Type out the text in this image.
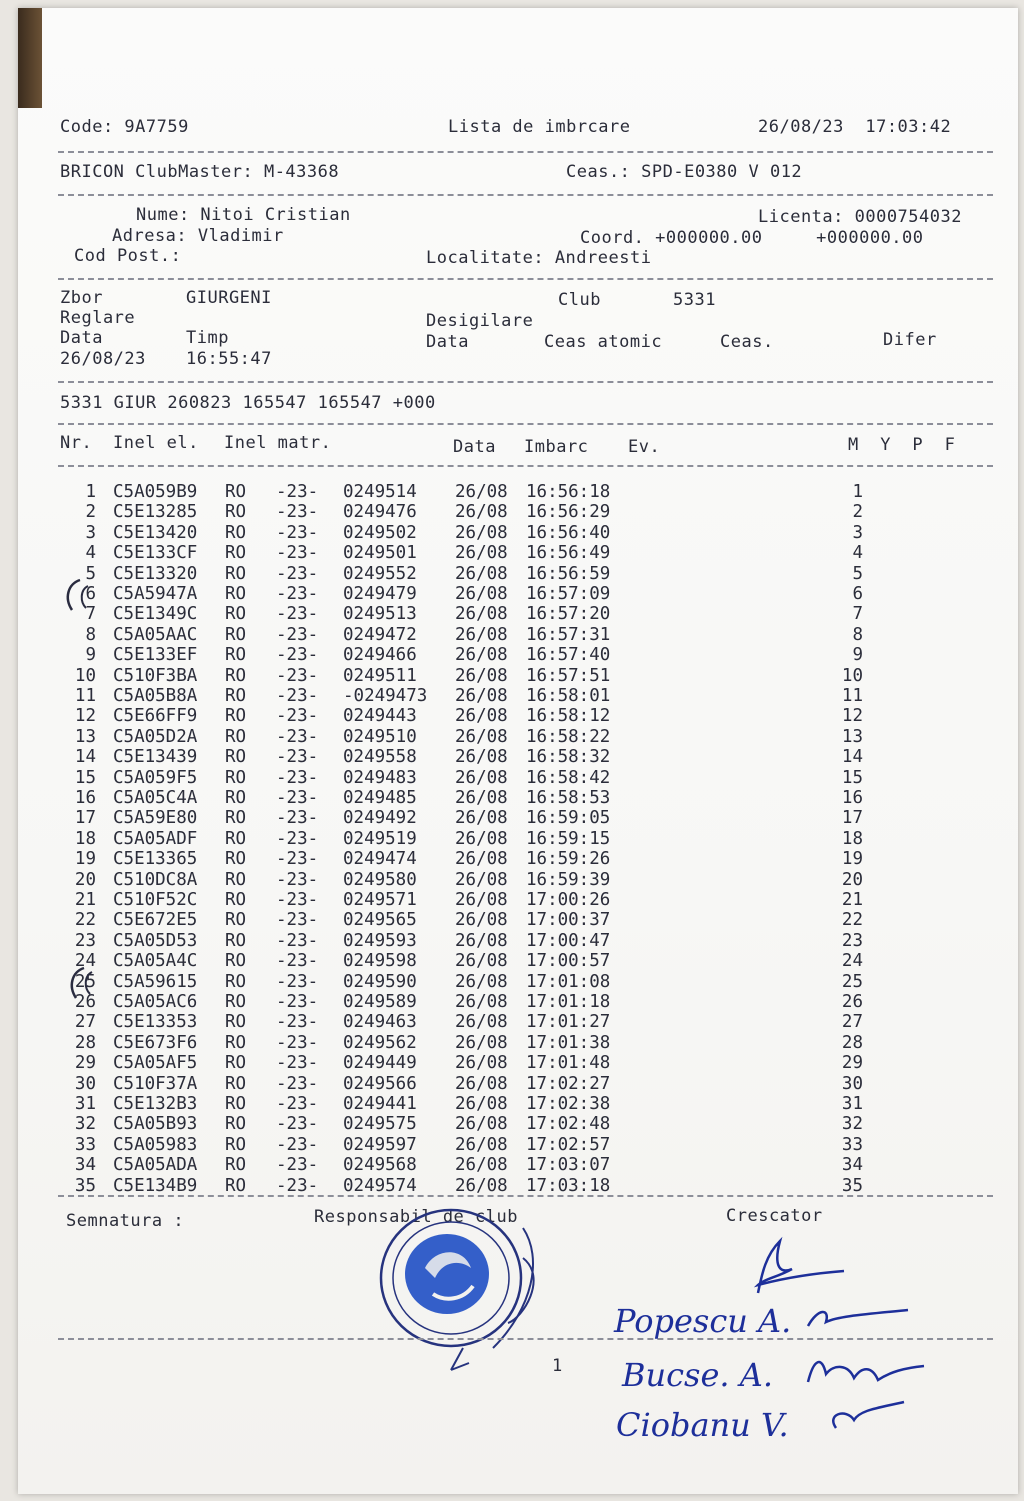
Code: 9A7759	Lista de imbrcare	26/08/23  17:03:42
BRICON ClubMaster: M-43368	Ceas.: SPD-E0380 V 012
Nume: Nitoi Cristian	Licenta: 0000754032
Adresa: Vladimir	Coord. +000000.00     +000000.00
Cod Post.:	Localitate: Andreesti
Zbor	GIURGENI	Club	5331
Reglare	Desigilare
Data	Timp	Data	Ceas atomic	Ceas.	Difer
26/08/23 16:55:47
5331 GIUR 260823 165547 165547 +000
Nr. Inel el. Inel matr.	Data Imbarc Ev.	M  Y  P  F
1 C5A059B9 RO -23- 0249514 26/08 16:56:18	1
2 C5E13285 RO -23- 0249476 26/08 16:56:29	2
3 C5E13420 RO -23- 0249502 26/08 16:56:40	3
4 C5E133CF RO -23- 0249501 26/08 16:56:49	4
5 C5E13320 RO -23- 0249552 26/08 16:56:59	5
6 C5A5947A RO -23- 0249479 26/08 16:57:09	6
7 C5E1349C RO -23- 0249513 26/08 16:57:20	7
8 C5A05AAC RO -23- 0249472 26/08 16:57:31	8
9 C5E133EF RO -23- 0249466 26/08 16:57:40	9
10 C510F3BA RO -23- 0249511 26/08 16:57:51	10
11 C5A05B8A RO -23- -0249473 26/08 16:58:01	11
12 C5E66FF9 RO -23- 0249443 26/08 16:58:12	12
13 C5A05D2A RO -23- 0249510 26/08 16:58:22	13
14 C5E13439 RO -23- 0249558 26/08 16:58:32	14
15 C5A059F5 RO -23- 0249483 26/08 16:58:42	15
16 C5A05C4A RO -23- 0249485 26/08 16:58:53	16
17 C5A59E80 RO -23- 0249492 26/08 16:59:05	17
18 C5A05ADF RO -23- 0249519 26/08 16:59:15	18
19 C5E13365 RO -23- 0249474 26/08 16:59:26	19
20 C510DC8A RO -23- 0249580 26/08 16:59:39	20
21 C510F52C RO -23- 0249571 26/08 17:00:26	21
22 C5E672E5 RO -23- 0249565 26/08 17:00:37	22
23 C5A05D53 RO -23- 0249593 26/08 17:00:47	23
24 C5A05A4C RO -23- 0249598 26/08 17:00:57	24
25 C5A59615 RO -23- 0249590 26/08 17:01:08	25
26 C5A05AC6 RO -23- 0249589 26/08 17:01:18	26
27 C5E13353 RO -23- 0249463 26/08 17:01:27	27
28 C5E673F6 RO -23- 0249562 26/08 17:01:38	28
29 C5A05AF5 RO -23- 0249449 26/08 17:01:48	29
30 C510F37A RO -23- 0249566 26/08 17:02:27	30
31 C5E132B3 RO -23- 0249441 26/08 17:02:38	31
32 C5A05B93 RO -23- 0249575 26/08 17:02:48	32
33 C5A05983 RO -23- 0249597 26/08 17:02:57	33
34 C5A05ADA RO -23- 0249568 26/08 17:03:07	34
35 C5E134B9 RO -23- 0249574 26/08 17:03:18	35
Semnatura :	Responsabil de club	Crescator
1
Popescu A.
Bucse. A.
Ciobanu V.
